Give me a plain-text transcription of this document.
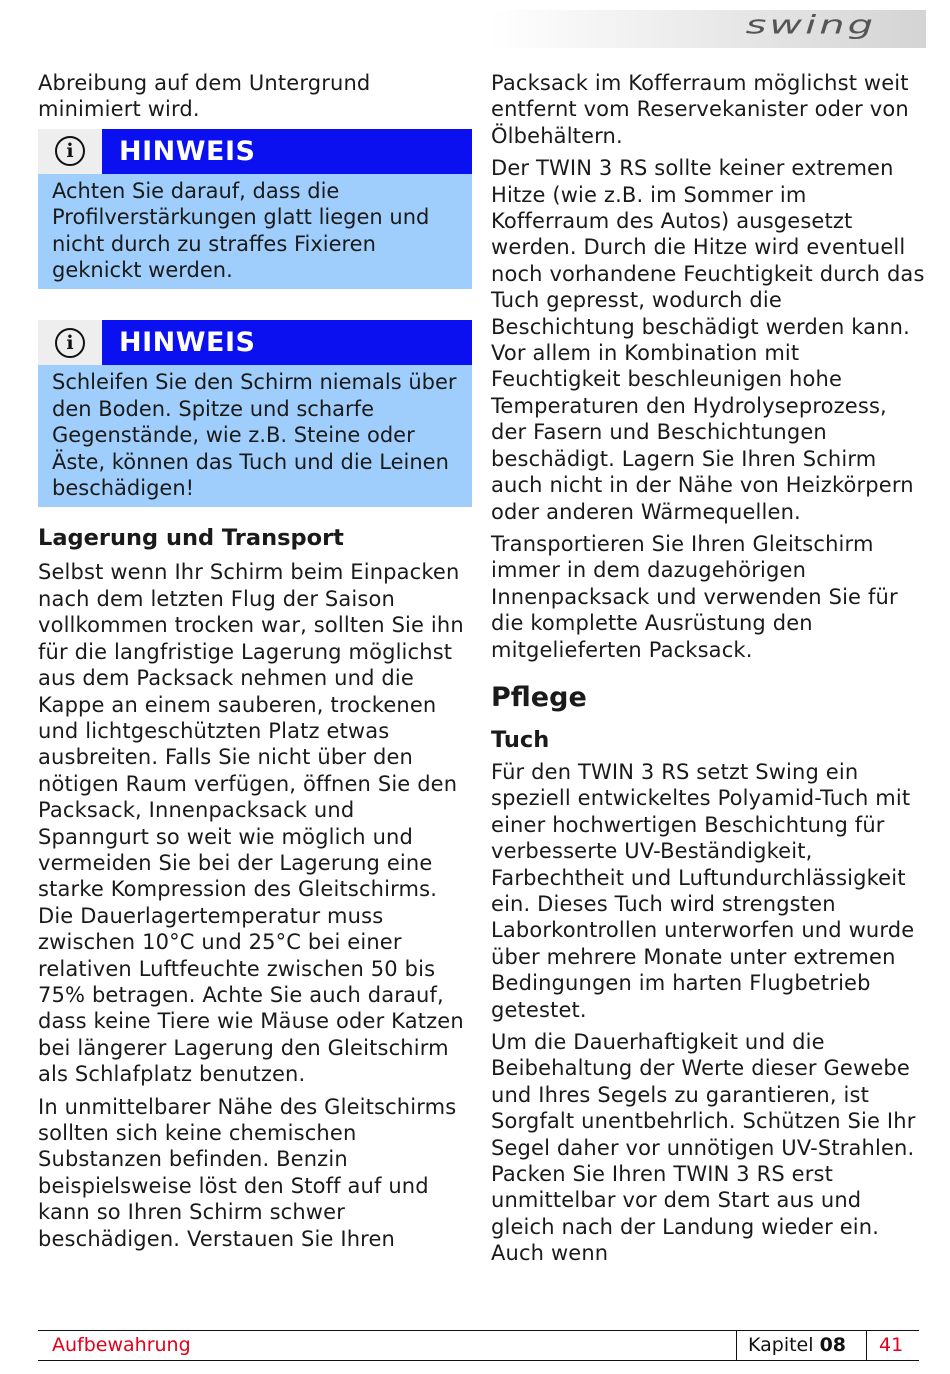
swing

Abreibung auf dem Untergrund minimiert wird.

i	HINWEIS
Achten Sie darauf, dass die Profilverstärkungen glatt liegen und nicht durch zu straffes Fixieren geknickt werden.
i	HINWEIS
Schleifen Sie den Schirm niemals über den Boden. Spitze und scharfe Gegenstände, wie z.B. Steine oder Äste, können das Tuch und die Leinen beschädigen!
Lagerung und Transport

Selbst wenn Ihr Schirm beim Einpacken nach dem letzten Flug der Saison vollkommen trocken war, sollten Sie ihn für die langfristige Lagerung möglichst aus dem Packsack nehmen und die Kappe an einem sauberen, trockenen und lichtgeschützten Platz etwas ausbreiten. Falls Sie nicht über den nötigen Raum verfügen, öffnen Sie den Packsack, Innenpacksack und Spanngurt so weit wie möglich und vermeiden Sie bei der Lagerung eine starke Kompression des Gleitschirms. Die Dauerlagertemperatur muss zwischen 10°C und 25°C bei einer relativen Luftfeuchte zwischen 50 bis 75% betragen. Achte Sie auch darauf, dass keine Tiere wie Mäuse oder Katzen bei längerer Lagerung den Gleitschirm als Schlafplatz benutzen.

In unmittelbarer Nähe des Gleitschirms sollten sich keine chemischen Substanzen befinden. Benzin beispielsweise löst den Stoff auf und kann so Ihren Schirm schwer beschädigen. Verstauen Sie Ihren

Packsack im Kofferraum möglichst weit entfernt vom Reservekanister oder von Ölbehältern.

Der TWIN 3 RS sollte keiner extremen Hitze (wie z.B. im Sommer im Kofferraum des Autos) ausgesetzt werden. Durch die Hitze wird eventuell noch vorhandene Feuchtigkeit durch das Tuch gepresst, wodurch die Beschichtung beschädigt werden kann. Vor allem in Kombination mit Feuchtigkeit beschleunigen hohe Temperaturen den Hydrolyseprozess, der Fasern und Beschichtungen beschädigt. Lagern Sie Ihren Schirm auch nicht in der Nähe von Heizkörpern oder anderen Wärmequellen.

Transportieren Sie Ihren Gleitschirm immer in dem dazugehörigen Innenpacksack und verwenden Sie für die komplette Ausrüstung den mitgelieferten Packsack.

Pflege
Tuch

Für den TWIN 3 RS setzt Swing ein speziell entwickeltes Polyamid-Tuch mit einer hochwertigen Beschichtung für verbesserte UV-Beständigkeit, Farbechtheit und Luftundurchlässigkeit ein. Dieses Tuch wird strengsten Laborkontrollen unterworfen und wurde über mehrere Monate unter extremen Bedingungen im harten Flugbetrieb getestet.

Um die Dauerhaftigkeit und die Beibehaltung der Werte dieser Gewebe und Ihres Segels zu garantieren, ist Sorgfalt unentbehrlich. Schützen Sie Ihr Segel daher vor unnötigen UV-Strahlen. Packen Sie Ihren TWIN 3 RS erst unmittelbar vor dem Start aus und gleich nach der Landung wieder ein. Auch wenn

Aufbewahrung	Kapitel 08 41
